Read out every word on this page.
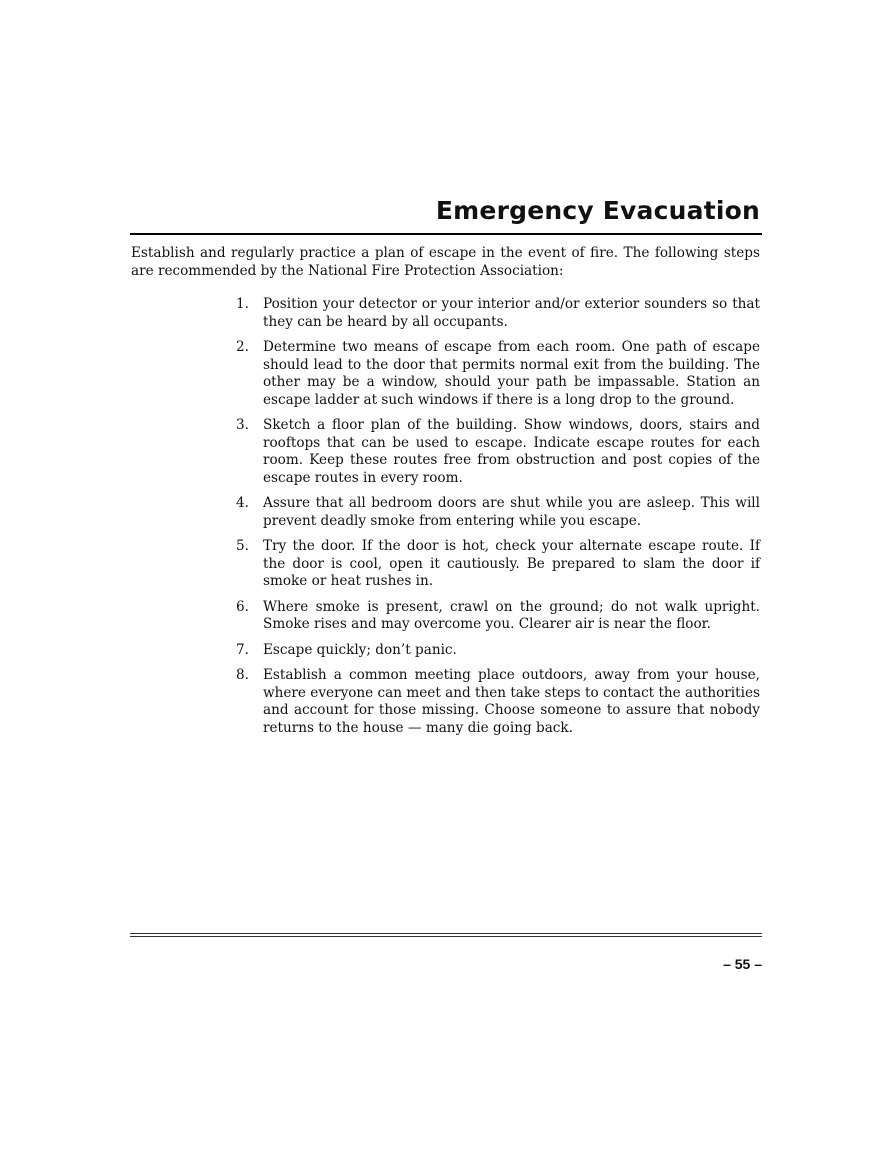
Emergency Evacuation

Establish and regularly practice a plan of escape in the event of fire. The following steps are recommended by the National Fire Protection Association:

1. Position your detector or your interior and/or exterior sounders so that they can be heard by all occupants.
2. Determine two means of escape from each room. One path of escape should lead to the door that permits normal exit from the building. The other may be a window, should your path be impassable. Station an escape ladder at such windows if there is a long drop to the ground.
3. Sketch a floor plan of the building. Show windows, doors, stairs and rooftops that can be used to escape. Indicate escape routes for each room. Keep these routes free from obstruction and post copies of the escape routes in every room.
4. Assure that all bedroom doors are shut while you are asleep. This will prevent deadly smoke from entering while you escape.
5. Try the door. If the door is hot, check your alternate escape route. If the door is cool, open it cautiously. Be prepared to slam the door if smoke or heat rushes in.
6. Where smoke is present, crawl on the ground; do not walk upright. Smoke rises and may overcome you. Clearer air is near the floor.
7. Escape quickly; don’t panic.
8. Establish a common meeting place outdoors, away from your house, where everyone can meet and then take steps to contact the authorities and account for those missing. Choose someone to assure that nobody returns to the house — many die going back.
– 55 –
